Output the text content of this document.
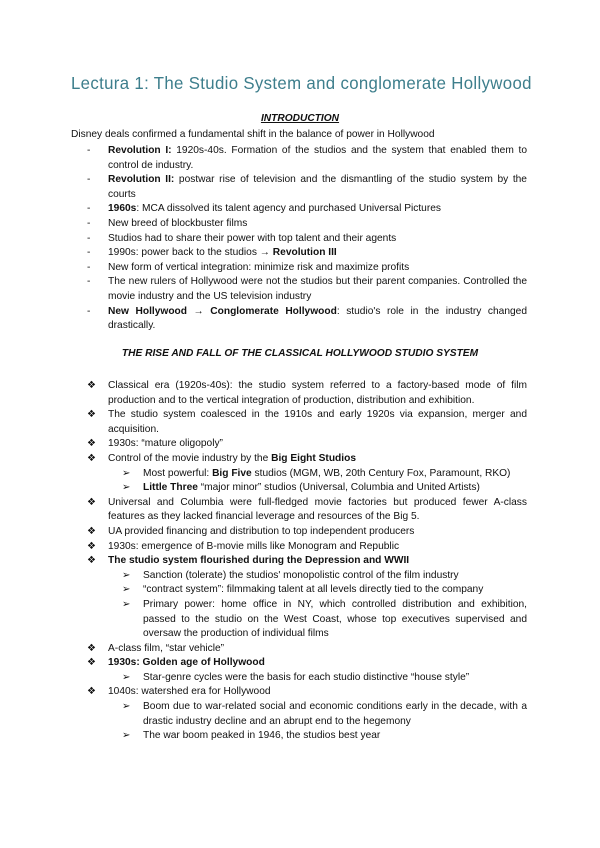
Lectura 1: The Studio System and conglomerate Hollywood
INTRODUCTION
Disney deals confirmed a fundamental shift in the balance of power in Hollywood
- Revolution I: 1920s-40s. Formation of the studios and the system that enabled them to control de industry.
- Revolution II: postwar rise of television and the dismantling of the studio system by the courts
- 1960s: MCA dissolved its talent agency and purchased Universal Pictures
- New breed of blockbuster films
- Studios had to share their power with top talent and their agents
- 1990s: power back to the studios → Revolution III
- New form of vertical integration: minimize risk and maximize profits
- The new rulers of Hollywood were not the studios but their parent companies. Controlled the movie industry and the US television industry
- New Hollywood → Conglomerate Hollywood: studio's role in the industry changed drastically.
THE RISE AND FALL OF THE CLASSICAL HOLLYWOOD STUDIO SYSTEM
❖ Classical era (1920s-40s): the studio system referred to a factory-based mode of film production and to the vertical integration of production, distribution and exhibition.
❖ The studio system coalesced in the 1910s and early 1920s via expansion, merger and acquisition.
❖ 1930s: “mature oligopoly”
❖ Control of the movie industry by the Big Eight Studios
➢ Most powerful: Big Five studios (MGM, WB, 20th Century Fox, Paramount, RKO)
➢ Little Three “major minor” studios (Universal, Columbia and United Artists)
❖ Universal and Columbia were full-fledged movie factories but produced fewer A-class features as they lacked financial leverage and resources of the Big 5.
❖ UA provided financing and distribution to top independent producers
❖ 1930s: emergence of B-movie mills like Monogram and Republic
❖ The studio system flourished during the Depression and WWII
➢ Sanction (tolerate) the studios' monopolistic control of the film industry
➢ “contract system”: filmmaking talent at all levels directly tied to the company
➢ Primary power: home office in NY, which controlled distribution and exhibition, passed to the studio on the West Coast, whose top executives supervised and oversaw the production of individual films
❖ A-class film, “star vehicle”
❖ 1930s: Golden age of Hollywood
➢ Star-genre cycles were the basis for each studio distinctive “house style”
❖ 1040s: watershed era for Hollywood
➢ Boom due to war-related social and economic conditions early in the decade, with a drastic industry decline and an abrupt end to the hegemony
➢ The war boom peaked in 1946, the studios best year
